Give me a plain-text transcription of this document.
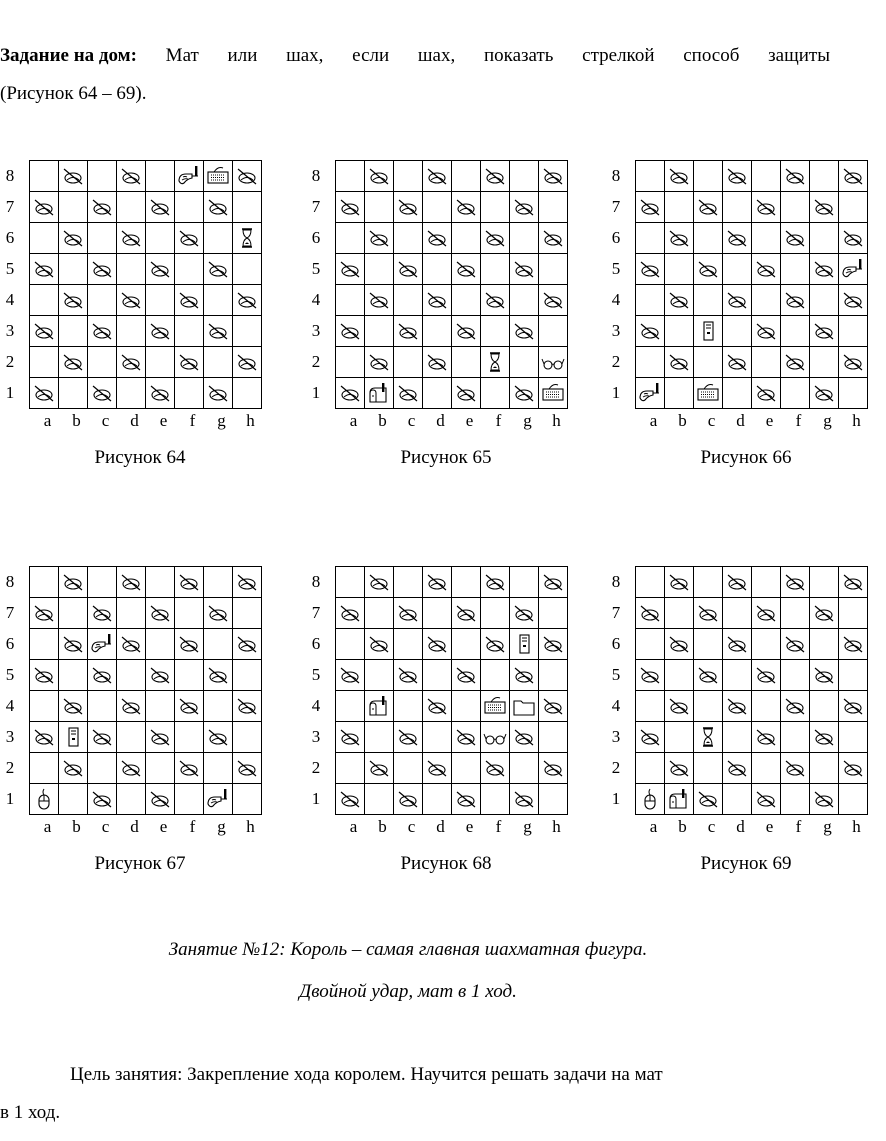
Задание на дом: Мат или шах, если шах, показать стрелкой способ защиты
(Рисунок 64 – 69).
8
7
6
5
4
3
2
1
a	b	c	d	e	f	g	h
Рисунок 64
8
7
6
5
4
3
2
1
a	b	c	d	e	f	g	h
Рисунок 65
8
7
6
5
4
3
2
1
a	b	c	d	e	f	g	h
Рисунок 66
8
7
6
5
4
3
2
1
a	b	c	d	e	f	g	h
Рисунок 67
8
7
6
5
4
3
2
1
a	b	c	d	e	f	g	h
Рисунок 68
8
7
6
5
4
3
2
1
a	b	c	d	e	f	g	h
Рисунок 69
Занятие №12: Король – самая главная шахматная фигура.
Двойной удар, мат в 1 ход.
Цель занятия: Закрепление хода королем. Научится решать задачи на мат
в 1 ход.
